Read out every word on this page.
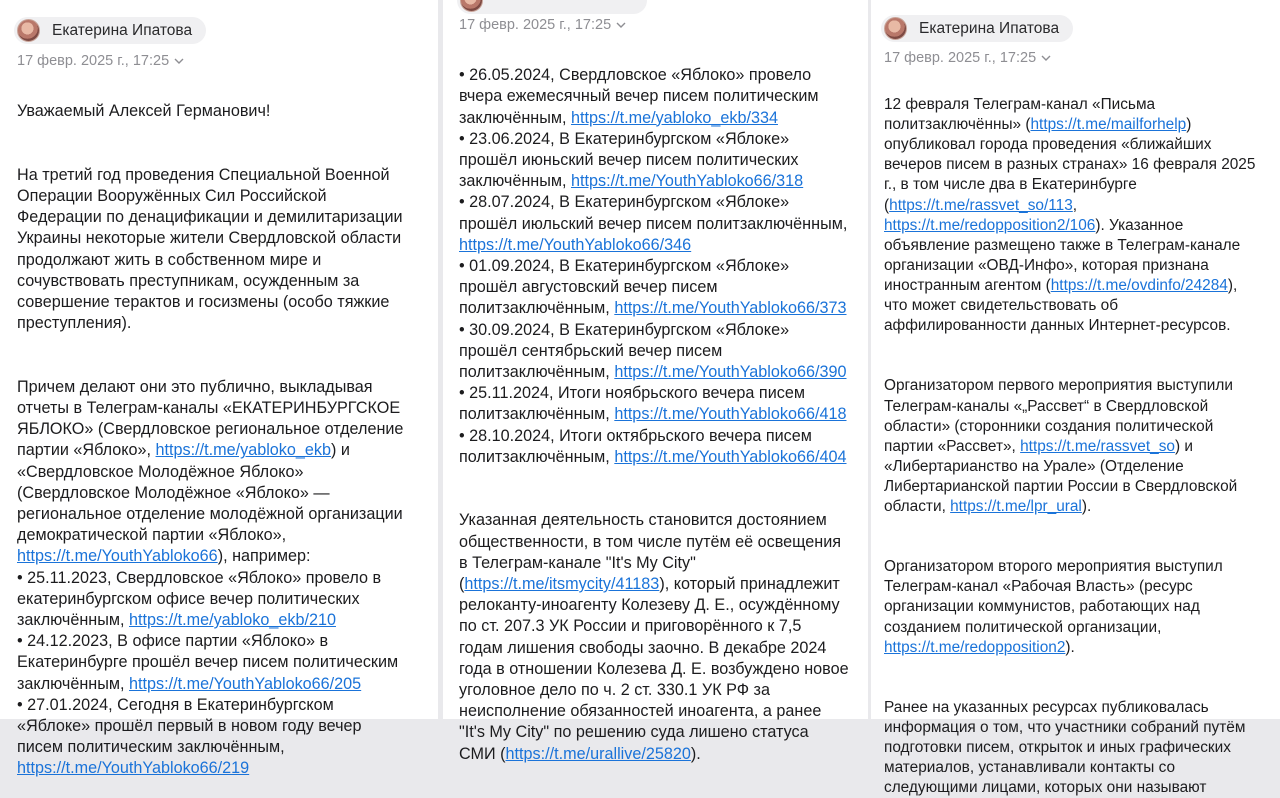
Екатерина Ипатова
17 февр. 2025 г., 17:25

Уважаемый Алексей Германович!

На третий год проведения Специальной Военной
Операции Вооружённых Сил Российской
Федерации по денацификации и демилитаризации
Украины некоторые жители Свердловской области
продолжают жить в собственном мире и
сочувствовать преступникам, осужденным за
совершение терактов и госизмены (особо тяжкие
преступления).

Причем делают они это публично, выкладывая
отчеты в Телеграм-каналы «ЕКАТЕРИНБУРГСКОЕ
ЯБЛОКО» (Свердловское региональное отделение
партии «Яблоко», https://t.me/yabloko_ekb) и
«Свердловское Молодёжное Яблоко»
(Свердловское Молодёжное «Яблоко» —
региональное отделение молодёжной организации
демократической партии «Яблоко»,
https://t.me/YouthYabloko66), например:
• 25.11.2023, Свердловское «Яблоко» провело в
екатеринбургском офисе вечер политических
заключённым, https://t.me/yabloko_ekb/210
• 24.12.2023, В офисе партии «Яблоко» в
Екатеринбурге прошёл вечер писем политическим
заключённым, https://t.me/YouthYabloko66/205
• 27.01.2024, Сегодня в Екатеринбургском
«Яблоке» прошёл первый в новом году вечер
писем политическим заключённым,
https://t.me/YouthYabloko66/219

17 февр. 2025 г., 17:25

• 26.05.2024, Свердловское «Яблоко» провело
вчера ежемесячный вечер писем политическим
заключённым, https://t.me/yabloko_ekb/334
• 23.06.2024, В Екатеринбургском «Яблоке»
прошёл июньский вечер писем политических
заключённым, https://t.me/YouthYabloko66/318
• 28.07.2024, В Екатеринбургском «Яблоке»
прошёл июльский вечер писем политзаключённым,
https://t.me/YouthYabloko66/346
• 01.09.2024, В Екатеринбургском «Яблоке»
прошёл августовский вечер писем
политзаключённым, https://t.me/YouthYabloko66/373
• 30.09.2024, В Екатеринбургском «Яблоке»
прошёл сентябрьский вечер писем
политзаключённым, https://t.me/YouthYabloko66/390
• 25.11.2024, Итоги ноябрьского вечера писем
политзаключённым, https://t.me/YouthYabloko66/418
• 28.10.2024, Итоги октябрьского вечера писем
политзаключённым, https://t.me/YouthYabloko66/404

Указанная деятельность становится достоянием
общественности, в том числе путём её освещения
в Телеграм-канале "It's My City"
(https://t.me/itsmycity/41183), который принадлежит
релоканту-иноагенту Колезеву Д. Е., осуждённому
по ст. 207.3 УК России и приговорённого к 7,5
годам лишения свободы заочно. В декабре 2024
года в отношении Колезева Д. Е. возбуждено новое
уголовное дело по ч. 2 ст. 330.1 УК РФ за
неисполнение обязанностей иноагента, а ранее
"It's My City" по решению суда лишено статуса
СМИ (https://t.me/urallive/25820).

Екатерина Ипатова
17 февр. 2025 г., 17:25

12 февраля Телеграм-канал «Письма
политзаключённы» (https://t.me/mailforhelp)
опубликовал города проведения «ближайших
вечеров писем в разных странах» 16 февраля 2025
г., в том числе два в Екатеринбурге
(https://t.me/rassvet_so/113,
https://t.me/redopposition2/106). Указанное
объявление размещено также в Телеграм-канале
организации «ОВД-Инфо», которая признана
иностранным агентом (https://t.me/ovdinfo/24284),
что может свидетельствовать об
аффилированности данных Интернет-ресурсов.

Организатором первого мероприятия выступили
Телеграм-каналы «„Рассвет“ в Свердловской
области» (сторонники создания политической
партии «Рассвет», https://t.me/rassvet_so) и
«Либертарианство на Урале» (Отделение
Либертарианской партии России в Свердловской
области, https://t.me/lpr_ural).

Организатором второго мероприятия выступил
Телеграм-канал «Рабочая Власть» (ресурс
организации коммунистов, работающих над
созданием политической организации,
https://t.me/redopposition2).

Ранее на указанных ресурсах публиковалась
информация о том, что участники собраний путём
подготовки писем, открыток и иных графических
материалов, устанавливали контакты со
следующими лицами, которых они называют
